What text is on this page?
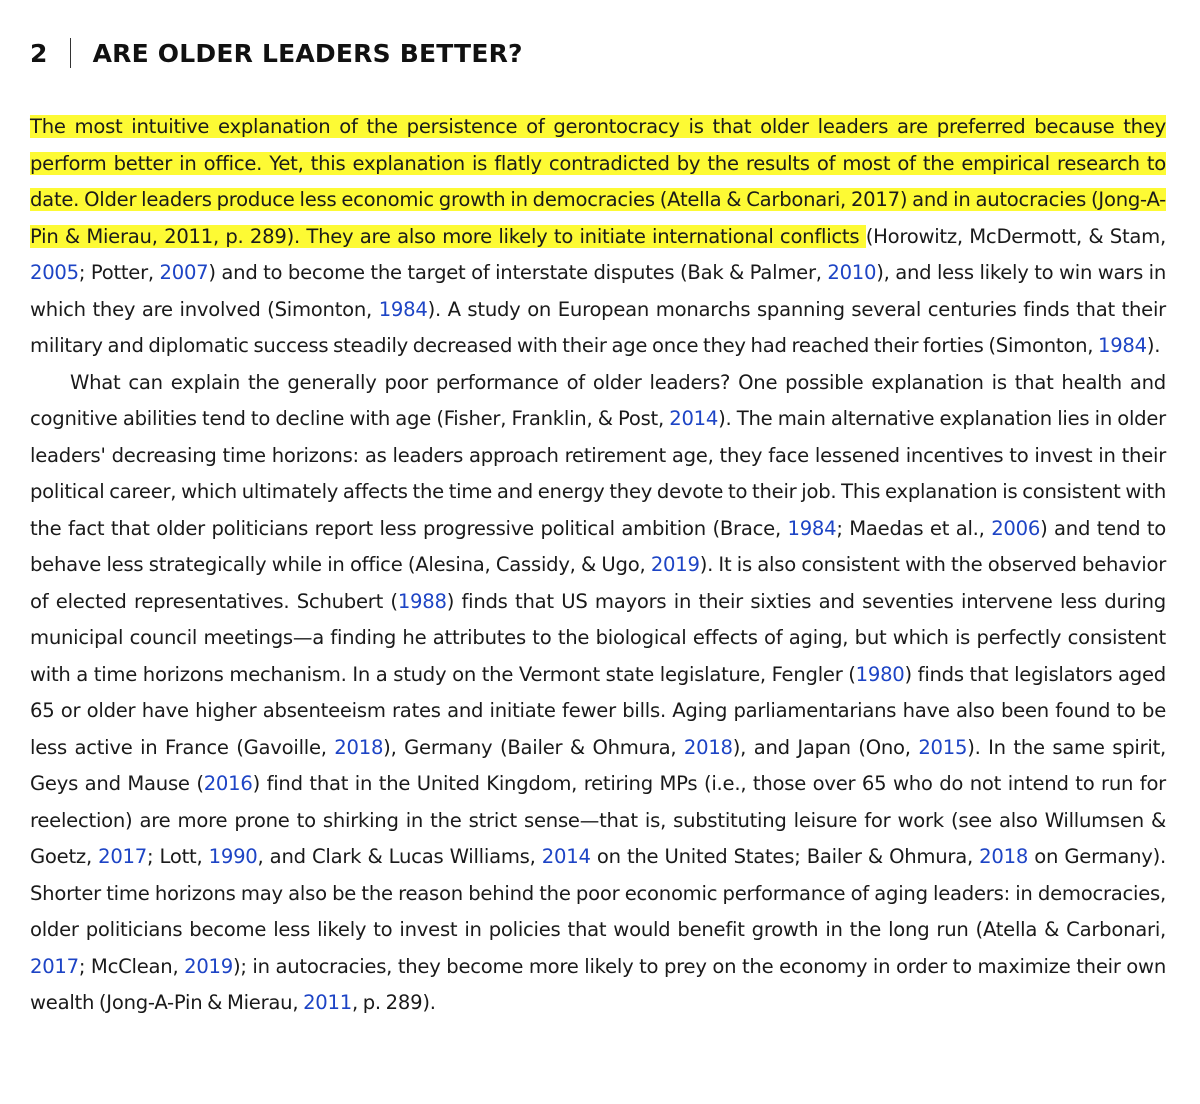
2 ARE OLDER LEADERS BETTER?

The most intuitive explanation of the persistence of gerontocracy is that older leaders are preferred because they perform better in office. Yet, this explanation is flatly contradicted by the results of most of the empirical research to date. Older leaders produce less economic growth in democracies (Atella & Carbonari, 2017) and in autocracies (Jong-A-Pin & Mierau, 2011, p. 289). They are also more likely to initiate international conflicts (Horowitz, McDermott, & Stam, 2005; Potter, 2007) and to become the target of interstate disputes (Bak & Palmer, 2010), and less likely to win wars in which they are involved (Simonton, 1984). A study on European monarchs spanning several centuries finds that their military and diplomatic success steadily decreased with their age once they had reached their forties (Simonton, 1984).

What can explain the generally poor performance of older leaders? One possible explanation is that health and cognitive abilities tend to decline with age (Fisher, Franklin, & Post, 2014). The main alternative explanation lies in older leaders' decreasing time horizons: as leaders approach retirement age, they face lessened incentives to invest in their political career, which ultimately affects the time and energy they devote to their job. This explanation is consistent with the fact that older politicians report less progressive political ambition (Brace, 1984; Maedas et al., 2006) and tend to behave less strategically while in office (Alesina, Cassidy, & Ugo, 2019). It is also consistent with the observed behavior of elected representatives. Schubert (1988) finds that US mayors in their sixties and seventies intervene less during municipal council meetings—a finding he attributes to the biological effects of aging, but which is perfectly consistent with a time horizons mechanism. In a study on the Vermont state legislature, Fengler (1980) finds that legislators aged 65 or older have higher absenteeism rates and initiate fewer bills. Aging parliamentarians have also been found to be less active in France (Gavoille, 2018), Germany (Bailer & Ohmura, 2018), and Japan (Ono, 2015). In the same spirit, Geys and Mause (2016) find that in the United Kingdom, retiring MPs (i.e., those over 65 who do not intend to run for reelection) are more prone to shirking in the strict sense—that is, substituting leisure for work (see also Willumsen & Goetz, 2017; Lott, 1990, and Clark & Lucas Williams, 2014 on the United States; Bailer & Ohmura, 2018 on Germany). Shorter time horizons may also be the reason behind the poor economic performance of aging leaders: in democracies, older politicians become less likely to invest in policies that would benefit growth in the long run (Atella & Carbonari, 2017; McClean, 2019); in autocracies, they become more likely to prey on the economy in order to maximize their own wealth (Jong-A-Pin & Mierau, 2011, p. 289).
